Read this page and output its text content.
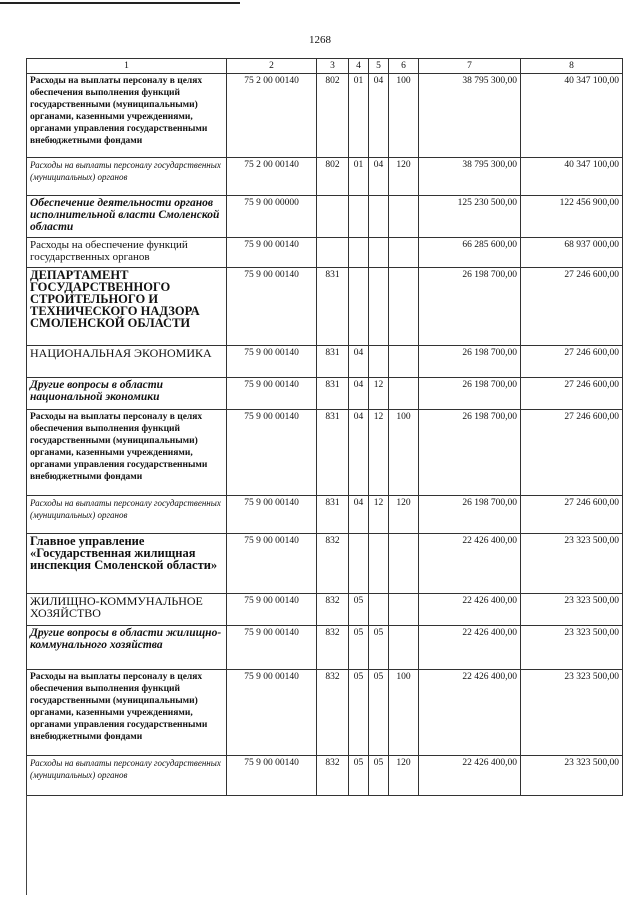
1268
1	2	3	4	5	6	7	8
Расходы на выплаты персоналу в целях обеспечения выполнения функций государственными (муниципальными) органами, казенными учреждениями, органами управления государственными внебюджетными фондами	75 2 00 00140	802	01	04	100	38 795 300,00	40 347 100,00
Расходы на выплаты персоналу государственных (муниципальных) органов	75 2 00 00140	802	01	04	120	38 795 300,00	40 347 100,00
Обеспечение деятельности органов исполнительной власти Смоленской области	75 9 00 00000					125 230 500,00	122 456 900,00
Расходы на обеспечение функций государственных органов	75 9 00 00140					66 285 600,00	68 937 000,00
ДЕПАРТАМЕНТ ГОСУДАРСТВЕННОГО СТРОИТЕЛЬНОГО И ТЕХНИЧЕСКОГО НАДЗОРА СМОЛЕНСКОЙ ОБЛАСТИ	75 9 00 00140	831				26 198 700,00	27 246 600,00
НАЦИОНАЛЬНАЯ ЭКОНОМИКА	75 9 00 00140	831	04			26 198 700,00	27 246 600,00
Другие вопросы в области национальной экономики	75 9 00 00140	831	04	12		26 198 700,00	27 246 600,00
Расходы на выплаты персоналу в целях обеспечения выполнения функций государственными (муниципальными) органами, казенными учреждениями, органами управления государственными внебюджетными фондами	75 9 00 00140	831	04	12	100	26 198 700,00	27 246 600,00
Расходы на выплаты персоналу государственных (муниципальных) органов	75 9 00 00140	831	04	12	120	26 198 700,00	27 246 600,00
Главное управление «Государственная жилищная инспекция Смоленской области»	75 9 00 00140	832				22 426 400,00	23 323 500,00
ЖИЛИЩНО-КОММУНАЛЬНОЕ ХОЗЯЙСТВО	75 9 00 00140	832	05			22 426 400,00	23 323 500,00
Другие вопросы в области жилищно-коммунального хозяйства	75 9 00 00140	832	05	05		22 426 400,00	23 323 500,00
Расходы на выплаты персоналу в целях обеспечения выполнения функций государственными (муниципальными) органами, казенными учреждениями, органами управления государственными внебюджетными фондами	75 9 00 00140	832	05	05	100	22 426 400,00	23 323 500,00
Расходы на выплаты персоналу государственных (муниципальных) органов	75 9 00 00140	832	05	05	120	22 426 400,00	23 323 500,00
